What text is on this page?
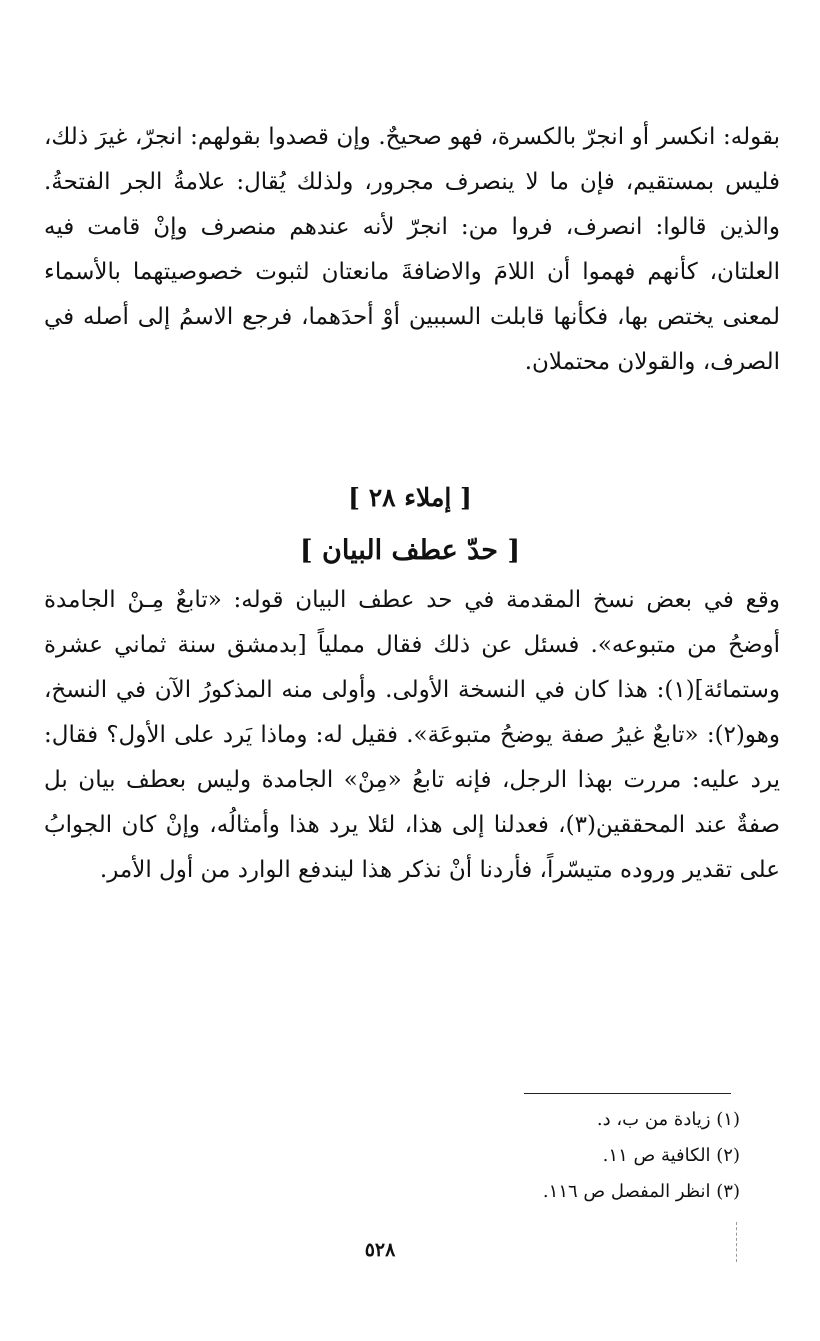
بقوله: انكسر أو انجرّ بالكسرة، فهو صحيحٌ. وإن قصدوا بقولهم: انجرّ، غيرَ ذلك، فليس بمستقيم، فإن ما لا ينصرف مجرور، ولذلك يُقال: علامةُ الجر الفتحةُ. والذين قالوا: انصرف، فروا من: انجرّ لأنه عندهم منصرف وإنْ قامت فيه العلتان، كأنهم فهموا أن اللامَ والاضافةَ مانعتان لثبوت خصوصيتهما بالأسماء لمعنى يختص بها، فكأنها قابلت السببين أوْ أحدَهما، فرجع الاسمُ إلى أصله في الصرف، والقولان محتملان.

[ إملاء ٢٨ ]
[ حدّ عطف البيان ]

وقع في بعض نسخ المقدمة في حد عطف البيان قوله: «تابعٌ مِـنْ الجامدة أوضحُ من متبوعه». فسئل عن ذلك فقال مملياً [بدمشق سنة ثماني عشرة وستمائة](١): هذا كان في النسخة الأولى. وأولى منه المذكورُ الآن في النسخ، وهو(٢): «تابعٌ غيرُ صفة يوضحُ متبوعَة». فقيل له: وماذا يَرد على الأول؟ فقال: يرد عليه: مررت بهذا الرجل، فإنه تابعُ «مِنْ» الجامدة وليس بعطف بيان بل صفةٌ عند المحققين(٣)، فعدلنا إلى هذا، لئلا يرد هذا وأمثالُه، وإنْ كان الجوابُ على تقدير وروده متيسّراً، فأردنا أنْ نذكر هذا ليندفع الوارد من أول الأمر.

(١) زيادة من ب، د.
(٢) الكافية ص ١١.
(٣) انظر المفصل ص ١١٦.
٥٢٨
